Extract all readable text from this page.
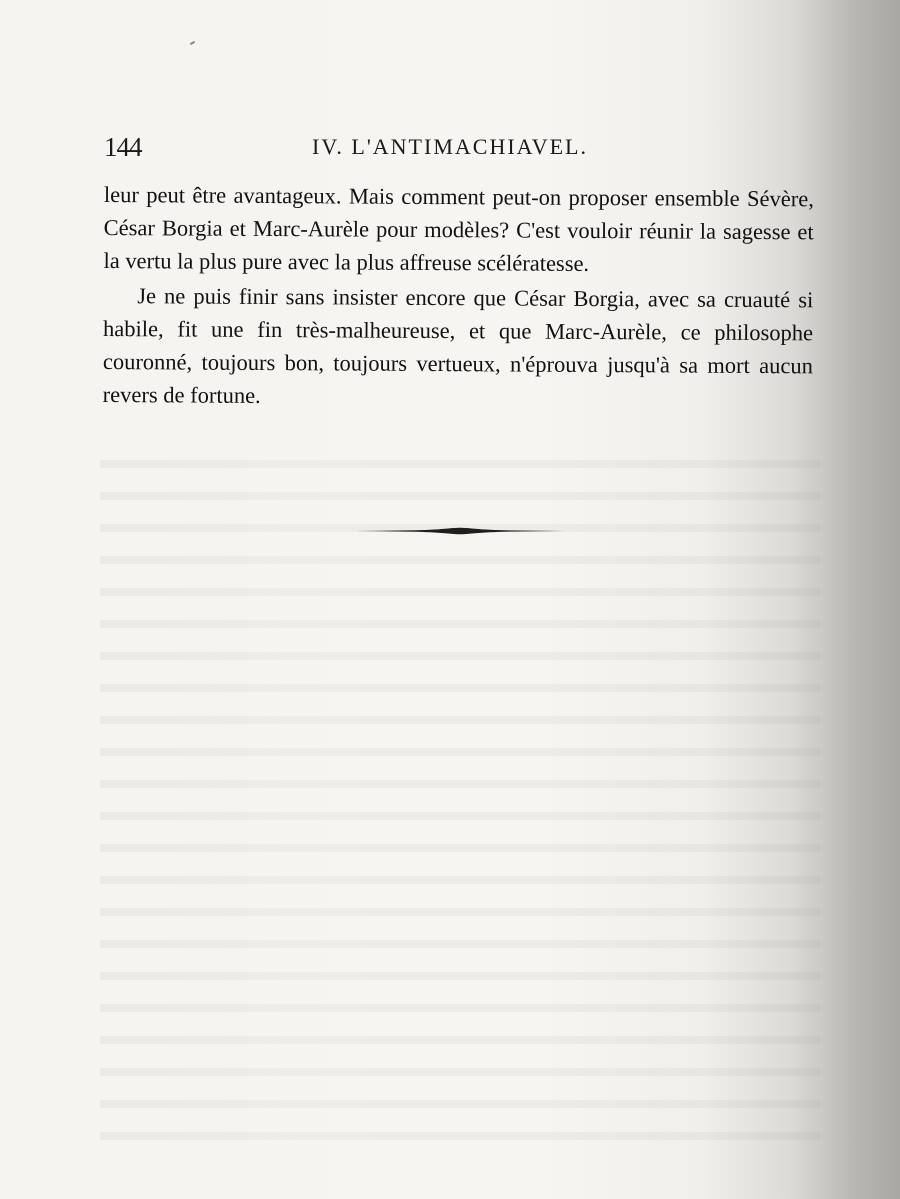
144	IV. L'ANTIMACHIAVEL.

leur peut être avantageux. Mais comment peut-on proposer ensemble Sévère, César Borgia et Marc-Aurèle pour modèles? C'est vouloir réunir la sagesse et la vertu la plus pure avec la plus affreuse scélératesse.

Je ne puis finir sans insister encore que César Borgia, avec sa cruauté si habile, fit une fin très-malheureuse, et que Marc-Aurèle, ce philosophe couronné, toujours bon, toujours vertueux, n'éprouva jusqu'à sa mort aucun revers de fortune.
